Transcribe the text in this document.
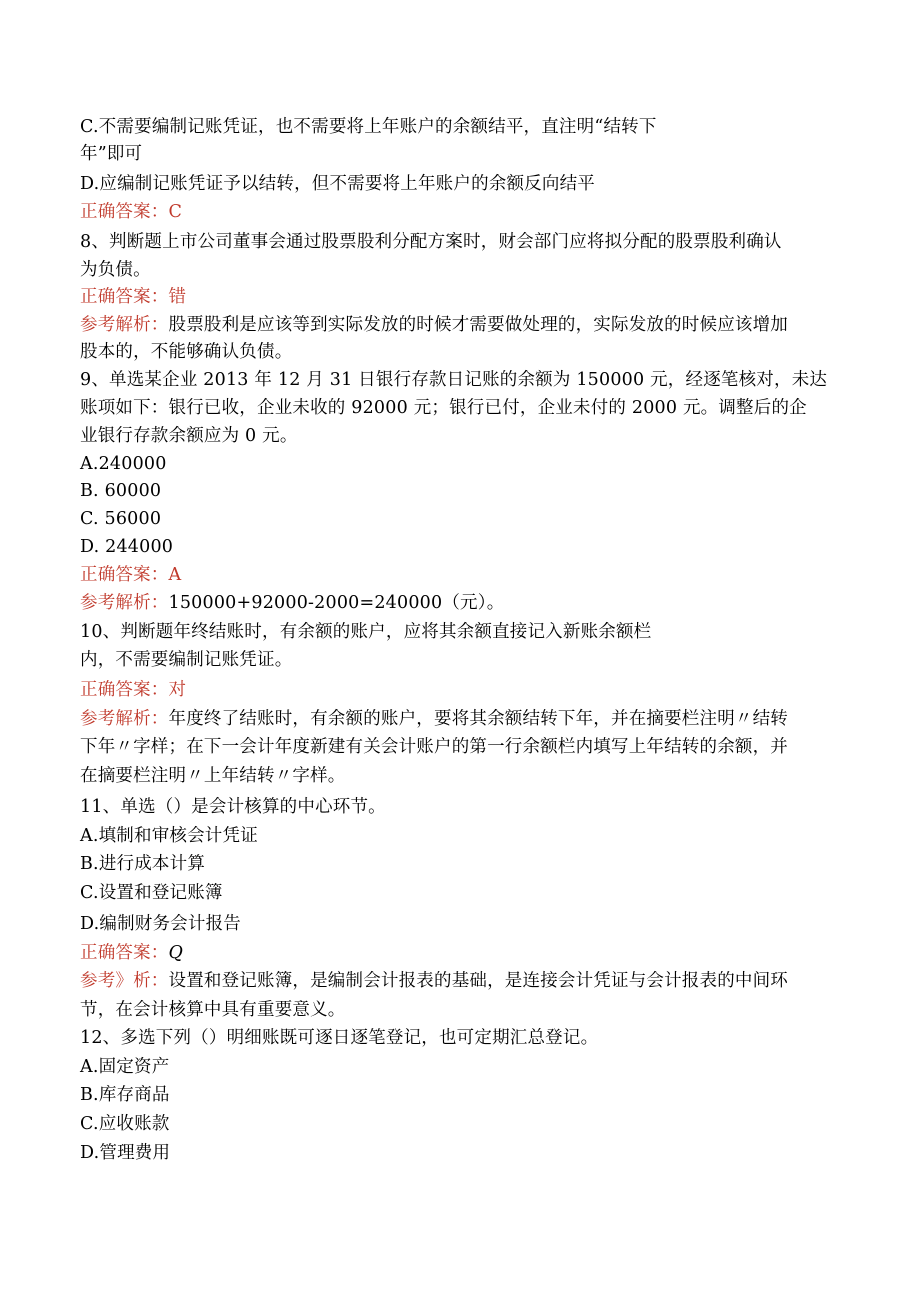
C.不需要编制记账凭证，也不需要将上年账户的余额结平，直注明“结转下
年”即可
D.应编制记账凭证予以结转，但不需要将上年账户的余额反向结平
正确答案：C
8、判断题上市公司董事会通过股票股利分配方案时，财会部门应将拟分配的股票股利确认
为负债。
正确答案：错
参考解析：股票股利是应该等到实际发放的时候才需要做处理的，实际发放的时候应该增加
股本的，不能够确认负债。
9、单选某企业 2013 年 12 月 31 日银行存款日记账的余额为 150000 元，经逐笔核对，未达
账项如下：银行已收，企业未收的 92000 元；银行已付，企业未付的 2000 元。调整后的企
业银行存款余额应为 0 元。
A.240000
B. 60000
C. 56000
D. 244000
正确答案：A
参考解析：150000+92000-2000=240000（元）。
10、判断题年终结账时，有余额的账户，应将其余额直接记入新账余额栏
内，不需要编制记账凭证。
正确答案：对
参考解析：年度终了结账时，有余额的账户，要将其余额结转下年，并在摘要栏注明〃结转
下年〃字样；在下一会计年度新建有关会计账户的第一行余额栏内填写上年结转的余额，并
在摘要栏注明〃上年结转〃字样。
11、单选（）是会计核算的中心环节。
A.填制和审核会计凭证
B.进行成本计算
C.设置和登记账簿
D.编制财务会计报告
正确答案：Q
参考》析：设置和登记账簿，是编制会计报表的基础，是连接会计凭证与会计报表的中间环
节，在会计核算中具有重要意义。
12、多选下列（）明细账既可逐日逐笔登记，也可定期汇总登记。
A.固定资产
B.库存商品
C.应收账款
D.管理费用
